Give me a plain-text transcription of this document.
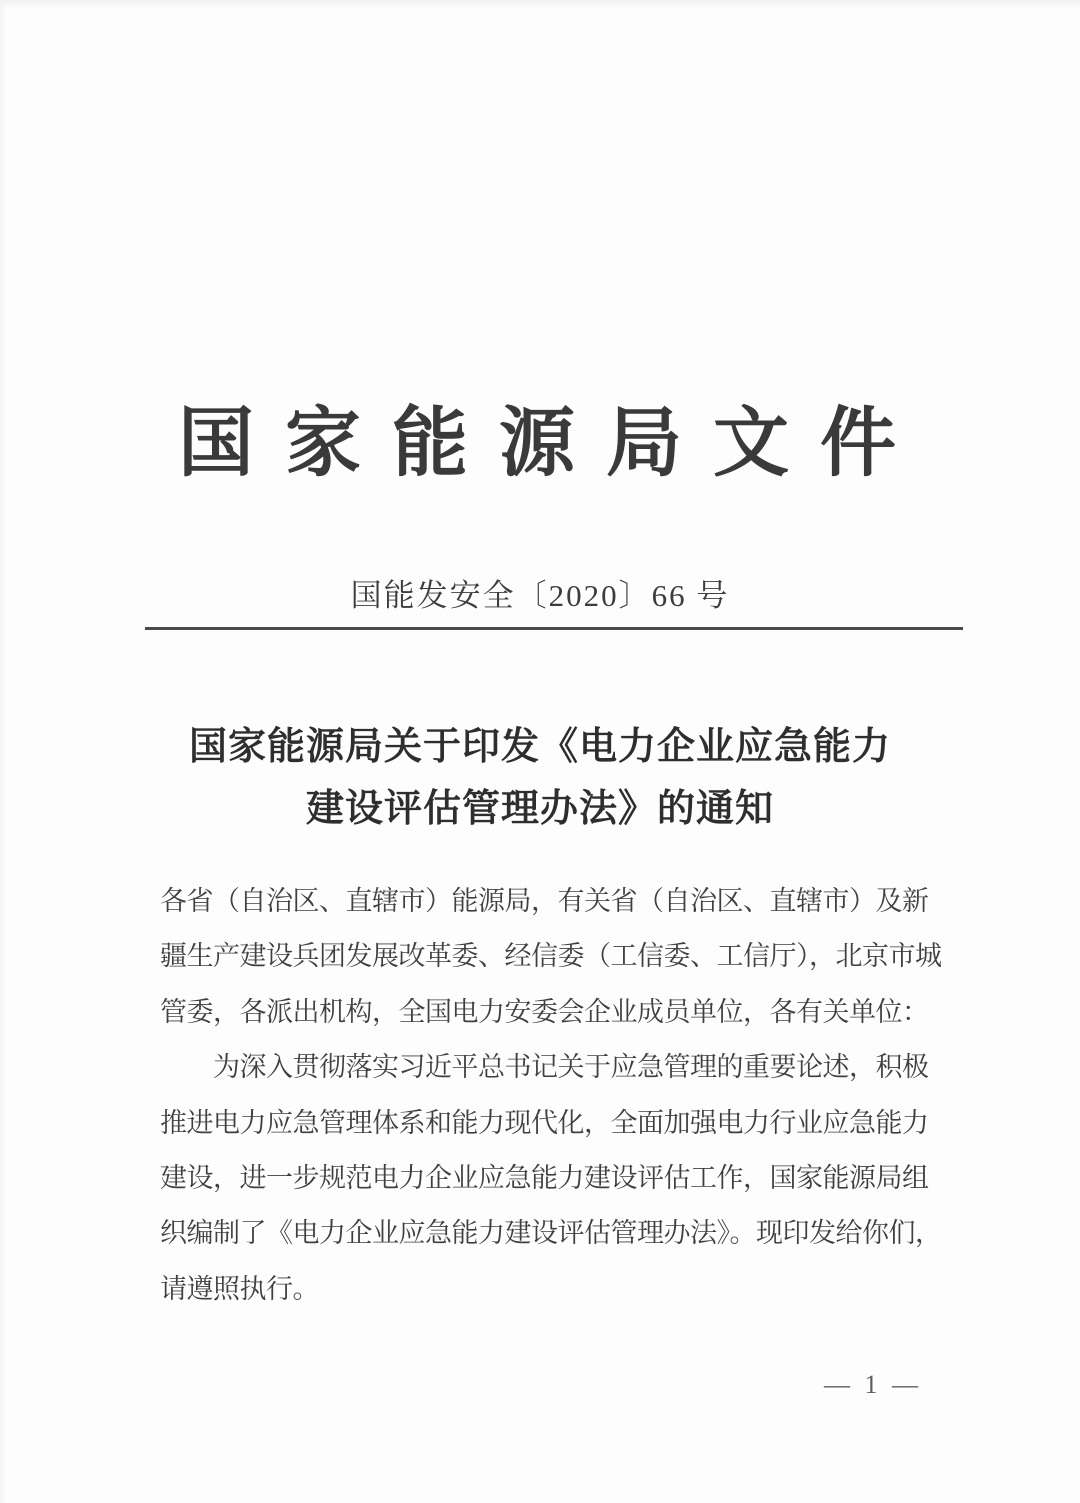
国 家 能 源 局 文 件
国能发安全〔2020〕66 号
国家能源局关于印发《电力企业应急能力
建设评估管理办法》的通知
各省（自治区、直辖市）能源局，有关省（自治区、直辖市）及新
疆生产建设兵团发展改革委、经信委（工信委、工信厅），北京市城
管委，各派出机构，全国电力安委会企业成员单位，各有关单位：
　　为深入贯彻落实习近平总书记关于应急管理的重要论述，积极
推进电力应急管理体系和能力现代化，全面加强电力行业应急能力
建设，进一步规范电力企业应急能力建设评估工作，国家能源局组
织编制了《电力企业应急能力建设评估管理办法》。现印发给你们，
请遵照执行。
— 1 —
